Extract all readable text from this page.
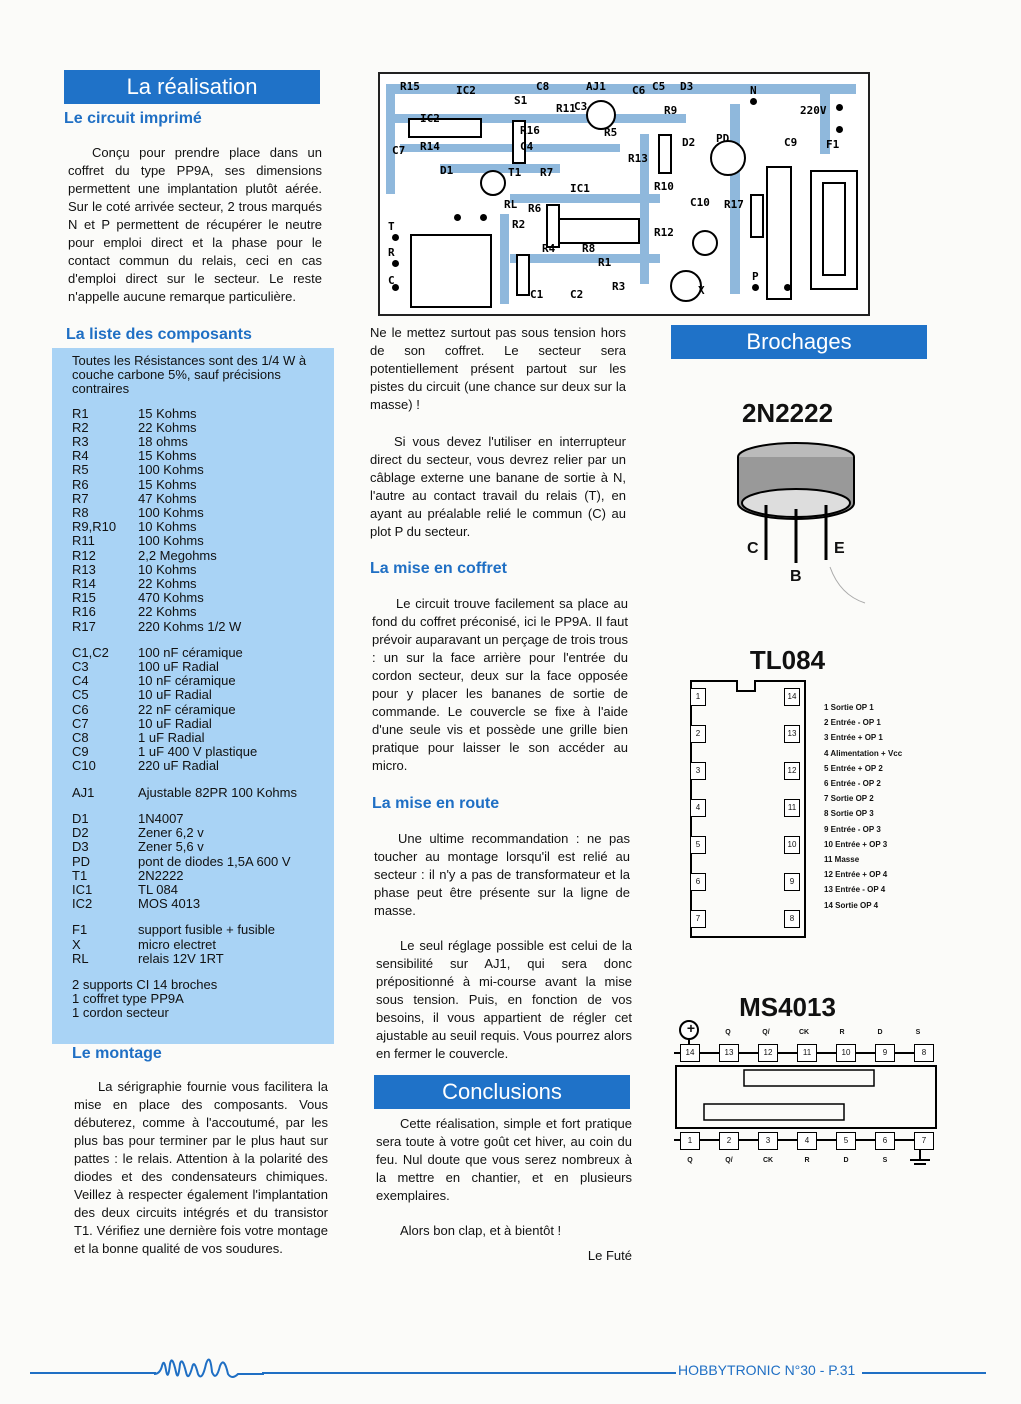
La réalisation
Le circuit imprimé

Conçu pour prendre place dans un coffret du type PP9A, ses dimensions permettent une implantation plutôt aérée. Sur le coté arrivée secteur, 2 trous marqués N et P permettent de récupérer le neutre pour emploi direct et la phase pour le contact commun du relais, ceci en cas d'emploi direct sur le secteur. Le reste n'appelle aucune remarque particulière.

La liste des composants
Toutes les Résistances sont des 1/4 W à couche carbone 5%, sauf précisions contraires
R1	15 Kohms
R2	22 Kohms
R3	18 ohms
R4	15 Kohms
R5	100 Kohms
R6	15 Kohms
R7	47 Kohms
R8	100 Kohms
R9,R10	10 Kohms
R11	100 Kohms
R12	2,2 Megohms
R13	10 Kohms
R14	22 Kohms
R15	470 Kohms
R16	22 Kohms
R17	220 Kohms 1/2 W
C1,C2	100 nF céramique
C3	100 uF Radial
C4	10 nF céramique
C5	10 uF Radial
C6	22 nF céramique
C7	10 uF Radial
C8	1 uF Radial
C9	1 uF 400 V plastique
C10	220 uF Radial
AJ1	Ajustable 82PR 100 Kohms
D1	1N4007
D2	Zener 6,2 v
D3	Zener 5,6 v
PD	pont de diodes 1,5A 600 V
T1	2N2222
IC1	TL 084
IC2	MOS 4013
F1	support fusible + fusible
X	micro electret
RL	relais 12V 1RT
2 supports CI 14 broches
1 coffret type PP9A
1 cordon secteur
Le montage

La sérigraphie fournie vous facilitera la mise en place des composants. Vous débuterez, comme à l'accoutumé, par les plus bas pour terminer par le plus haut sur pattes : le relais. Attention à la polarité des diodes et des condensateurs chimiques. Veillez à respecter également l'implantation des deux circuits intégrés et du transistor T1. Vérifiez une dernière fois votre montage et la bonne qualité de vos soudures.

R15	IC2
S1
C8	AJ1 C6 C5 D3	N
220V
R16
R11	R9
C3
R5
IC2
C7 R14	C4
R13
D2 PD	C9	F1
D1	T1 R7
IC1	R10
C10 R17
RL R6
T	R2
R12
R	R4 R8
R1
X
P
C
C1 C2
R3

Ne le mettez surtout pas sous tension hors de son coffret. Le secteur sera potentiellement présent partout sur les pistes du circuit (une chance sur deux sur la masse) !

Si vous devez l'utiliser en interrupteur direct du secteur, vous devrez relier par un câblage externe une banane de sortie à N, l'autre au contact travail du relais (T), en ayant au préalable relié le commun (C) au plot P du secteur.

La mise en coffret

Le circuit trouve facilement sa place au fond du coffret préconisé, ici le PP9A. Il faut prévoir auparavant un perçage de trois trous : un sur la face arrière pour l'entrée du cordon secteur, deux sur la face opposée pour y placer les bananes de sortie de commande. Le couvercle se fixe à l'aide d'une seule vis et possède une grille bien pratique pour laisser le son accéder au micro.

La mise en route

Une ultime recommandation : ne pas toucher au montage lorsqu'il est relié au secteur : il n'y a pas de transformateur et la phase peut être présente sur la ligne de masse.

Le seul réglage possible est celui de la sensibilité sur AJ1, qui sera donc prépositionné à mi-course avant la mise sous tension. Puis, en fonction de vos besoins, il vous appartient de régler cet ajustable au seuil requis. Vous pourrez alors en fermer le couvercle.

Conclusions

Cette réalisation, simple et fort pratique sera toute à votre goût cet hiver, au coin du feu. Nul doute que vous serez nombreux à la mettre en chantier, et en plusieurs exemplaires.

Alors bon clap, et à bientôt !

Le Futé
Brochages
2N2222
C
B
E
TL084
1
2
3
4
5
6
7
14
13
12
11
10
9
8
1 Sortie OP 1
2 Entrée - OP 1
3 Entrée + OP 1
4 Alimentation + Vcc
5 Entrée + OP 2
6 Entrée - OP 2
7 Sortie OP 2
8 Sortie OP 3
9 Entrée - OP 3
10 Entrée + OP 3
11 Masse
12 Entrée + OP 4
13 Entrée - OP 4
14 Sortie OP 4
MS4013
+
14	13	12	11	10	9	8
Q	Q/	CK	R	D	S
1	2	3	4	5	6	7
Q	Q/	CK	R	D	S
HOBBYTRONIC N°30 - P.31
